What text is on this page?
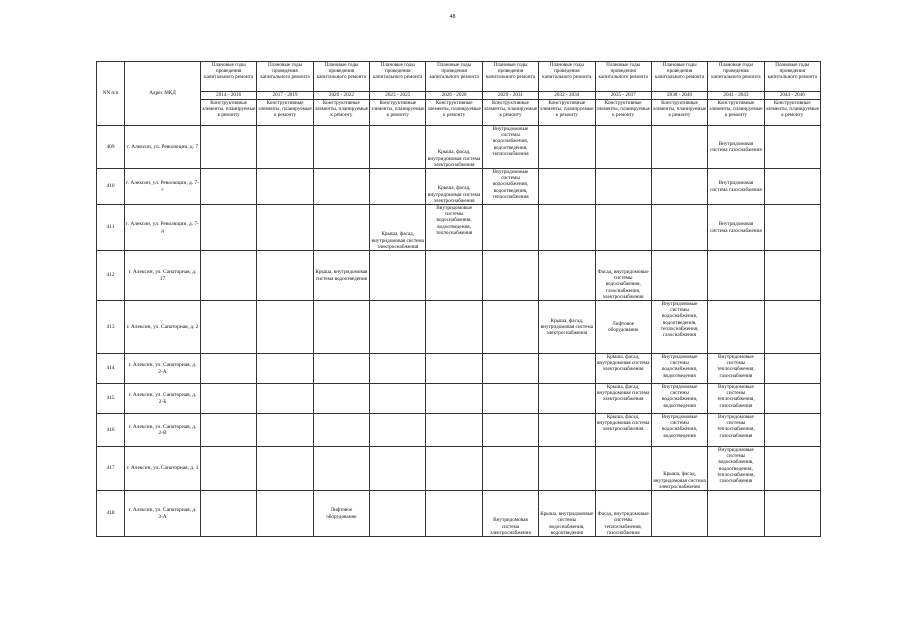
48
NN п/п	Адрес МКД	Плановые годы проведения капитального ремонта	Плановые годы проведения капитального ремонта	Плановые годы проведения капитального ремонта	Плановые годы проведения капитального ремонта	Плановые годы проведения капитального ремонта	Плановые годы проведения капитального ремонта	Плановые годы проведения капитального ремонта	Плановые годы проведения капитального ремонта	Плановые годы проведения капитального ремонта	Плановые годы проведения капитального ремонта	Плановые годы проведения капитального ремонта
		2014 - 2016	2017 - 2019	2020 - 2022	2023 - 2025	2026 - 2028	2029 - 2031	2032 - 2034	2035 - 2037	2038 - 2040	2041 - 2043	2044 - 2046
		Конструктивные элементы, планируемые к ремонту	Конструктивные элементы, планируемые к ремонту	Конструктивные элементы, планируемые к ремонту	Конструктивные элементы, планируемые к ремонту	Конструктивные элементы, планируемые к ремонту	Конструктивные элементы, планируемые к ремонту	Конструктивные элементы, планируемые к ремонту	Конструктивные элементы, планируемые к ремонту	Конструктивные элементы, планируемые к ремонту	Конструктивные элементы, планируемые к ремонту	Конструктивные элементы, планируемые к ремонту
409	г. Алексин, ул. Революции, д. 7					Крыша, фасад, внутридомовая система электроснабжения	Внутридомовые системы водоснабжения, водоотведения, теплоснабжения				Внутридомовая система газоснабжения	
410	г. Алексин, ул. Революции, д. 7-г					Крыша, фасад, внутридомовая система электроснабжения	Внутридомовые системы водоснабжения, водоотведения, теплоснабжения				Внутридомовая система газоснабжения	
411	г. Алексин, ул. Революции, д. 7-д				Крыша, фасад, внутридомовая система электроснабжения	Внутридомовые системы водоснабжения, водоотведения, теплоснабжения					Внутридомовая система газоснабжения	
412	г. Алексин, ул. Санаторная, д. 17			Крыша, внутридомовая система водоотведения					Фасад, внутридомовые системы водоснабжения, газоснабжения, электроснабжения			
413	г. Алексин, ул. Санаторная, д. 2							Крыша, фасад, внутридомовая система электроснабжения	Лифтовое оборудование	Внутридомовые системы водоснабжения, водоотведения, теплоснабжения, газоснабжения		
414	г. Алексин, ул. Санаторная, д. 2-А								Крыша, фасад, внутридомовая система электроснабжения	Внутридомовые системы водоснабжения, водоотведения	Внутридомовые системы теплоснабжения, газоснабжения	
415	г. Алексин, ул. Санаторная, д. 2-Б								Крыша, фасад, внутридомовая система электроснабжения	Внутридомовые системы водоснабжения, водоотведения	Внутридомовые системы теплоснабжения, газоснабжения	
416	г. Алексин, ул. Санаторная, д. 2-В								Крыша, фасад, внутридомовая система электроснабжения	Внутридомовые системы водоснабжения, водоотведения	Внутридомовые системы теплоснабжения, газоснабжения	
417	г. Алексин, ул. Санаторная, д. 3									Крыша, фасад, внутридомовая система электроснабжения	Внутридомовые системы водоснабжения, водоотведения, теплоснабжения, газоснабжения	
418	г. Алексин, ул. Санаторная, д. 3-А			Лифтовое оборудование			Внутридомовая система электроснабжения	Крыша, внутридомовые системы водоснабжения, водоотведения	Фасад, внутридомовые системы теплоснабжения, газоснабжения			
